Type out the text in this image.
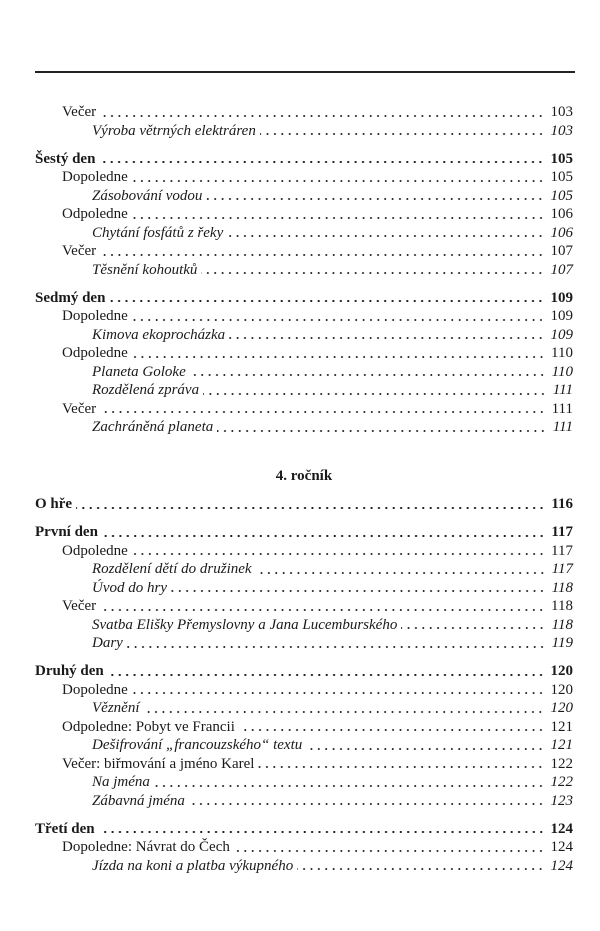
Večer	103
Výroba větrných elektráren	103
Šestý den	105
Dopoledne	105
Zásobování vodou	105
Odpoledne	106
Chytání fosfátů z řeky	106
Večer	107
Těsnění kohoutků	107
Sedmý den	109
Dopoledne	109
Kimova ekoprocházka	109
Odpoledne	110
Planeta Goloke	110
Rozdělená zpráva	111
Večer	111
Zachráněná planeta	111
4. ročník
O hře	116
První den	117
Odpoledne	117
Rozdělení dětí do družinek	117
Úvod do hry	118
Večer	118
Svatba Elišky Přemyslovny a Jana Lucemburského	118
Dary	119
Druhý den	120
Dopoledne	120
Věznění	120
Odpoledne: Pobyt ve Francii	121
Dešifrování „francouzského“ textu	121
Večer: biřmování a jméno Karel	122
Na jména	122
Zábavná jména	123
Třetí den	124
Dopoledne: Návrat do Čech	124
Jízda na koni a platba výkupného	124
